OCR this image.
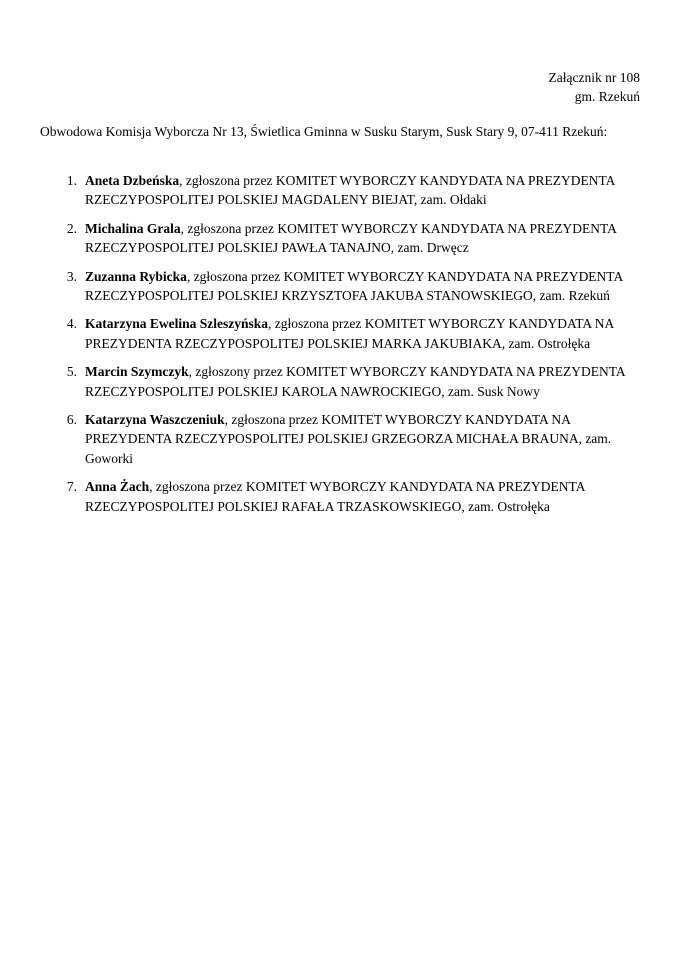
Załącznik nr 108
gm. Rzekuń
Obwodowa Komisja Wyborcza Nr 13, Świetlica Gminna w Susku Starym, Susk Stary 9, 07-411 Rzekuń:
1. Aneta Dzbeńska, zgłoszona przez KOMITET WYBORCZY KANDYDATA NA PREZYDENTA RZECZYPOSPOLITEJ POLSKIEJ MAGDALENY BIEJAT, zam. Ołdaki
2. Michalina Grala, zgłoszona przez KOMITET WYBORCZY KANDYDATA NA PREZYDENTA RZECZYPOSPOLITEJ POLSKIEJ PAWŁA TANAJNO, zam. Drwęcz
3. Zuzanna Rybicka, zgłoszona przez KOMITET WYBORCZY KANDYDATA NA PREZYDENTA RZECZYPOSPOLITEJ POLSKIEJ KRZYSZTOFA JAKUBA STANOWSKIEGO, zam. Rzekuń
4. Katarzyna Ewelina Szleszyńska, zgłoszona przez KOMITET WYBORCZY KANDYDATA NA PREZYDENTA RZECZYPOSPOLITEJ POLSKIEJ MARKA JAKUBIAKA, zam. Ostrołęka
5. Marcin Szymczyk, zgłoszony przez KOMITET WYBORCZY KANDYDATA NA PREZYDENTA RZECZYPOSPOLITEJ POLSKIEJ KAROLA NAWROCKIEGO, zam. Susk Nowy
6. Katarzyna Waszczeniuk, zgłoszona przez KOMITET WYBORCZY KANDYDATA NA PREZYDENTA RZECZYPOSPOLITEJ POLSKIEJ GRZEGORZA MICHAŁA BRAUNA, zam. Goworki
7. Anna Żach, zgłoszona przez KOMITET WYBORCZY KANDYDATA NA PREZYDENTA RZECZYPOSPOLITEJ POLSKIEJ RAFAŁA TRZASKOWSKIEGO, zam. Ostrołęka
